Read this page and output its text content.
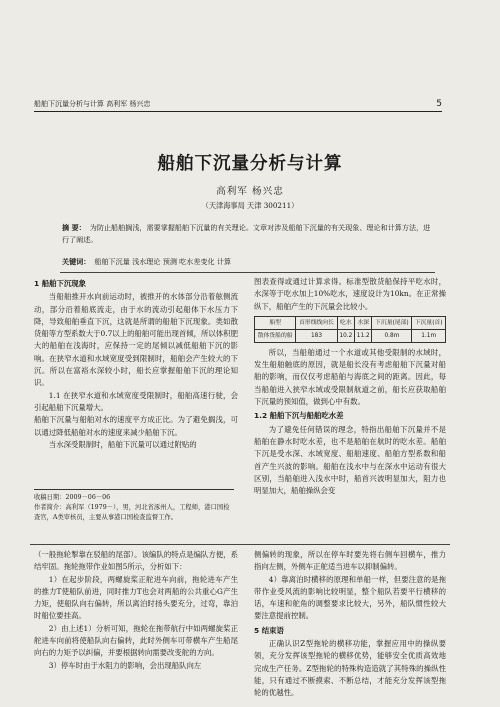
船舶下沉量分析与计算 高利军 杨兴忠	5
船舶下沉量分析与计算
高利军 杨兴忠
（天津海事局 天津 300211）
摘 要： 为防止船舶搁浅，需要掌握船舶下沉量的有关理论。文章对涉及船舶下沉量的有关现象、理论和计算方法，进行了阐述。
关键词： 船舶下沉量 浅水理论 预测 吃水差变化 计算

1 船舶下沉现象

当船舶推开水向前运动时，被推开的水体部分沿着舷侧流动，部分沿着船底流走，由于水的流动引起船体下水压力下降，导致船舶垂直下沉，这就是所谓的船舶下沉现象。类如散货船等方型系数大于0.7以上的船舶可能出现首倾，所以体积肥大的船舶在浅海时，应保持一定的尾倾以减低船舶下沉的影响。在狭窄水道和水域宽度受到限制时，船舶会产生较大的下沉。所以在富裕水深较小时，船长应掌握船舶下沉的理论知识。

1.1 在狭窄水道和水域宽度受限制时，船舶高速行驶，会引起船舶下沉量增大。

船舶下沉量与船舶对水的速度平方成正比。为了避免搁浅，可以通过降低船舶对水的速度来减少船舶下沉。

当水深受限制时，船舶下沉量可以通过附贴的

收稿日期：2009－06－06
作者简介：高利军（1979－），男，河北省涿州人，工程师，港口国检查官，A类审核员，主要从事港口国检查监督工作。

图表查得或通过计算求得。标准型散货船保持平吃水时，水深等于吃水加上10%吃水，速度设计为10kn。在正常操纵下，船舶产生的下沉量会比较小。

船型	首形线线向长	吃水	水深	下沉量(尾部)	下沉量(首)
散体货船的船	183	10.2	11.2	0.8m	1.1m

所以，当船舶通过一个水道或其他受限制的水域时，发生船舶触底的原因，就是船长没有考虑船舶下沉量对船舶的影响，而仅仅考虑船舶与海底之间的距离。因此，每当船舶进入狭窄水域或受限制航道之前，船长应获取船舶下沉量的预知值，做到心中有数。

1.2 船舶下沉与船舶吃水差

为了避免任何错误的理念，特指出船舶下沉量并不是船舶在静水时吃水差，也不是船舶在航时的吃水差。船舶下沉是受水深、水域宽度、船舶速度、船舶方型系数和船首产生兴波的影响。船舶在浅水中与在深水中运动有很大区别，当船舶进入浅水中时，船首兴波明显加大，阻力也明显加大，船舶操纵会变

（一般拖轮掣靠在驳船的尾部）。该编队的特点是编队方便，系结牢固。拖轮拖带作业如图5所示，分析如下：

1）在起步阶段，两螺旋桨正舵进车向前，拖轮进车产生的推力T使船队前进，同时推力T也会对两船的公共重心G产生力矩，使船队向右偏转，所以离泊时扬头要充分，过弯，靠泊时船位要挂高。

2）由上述1）分析可知，拖轮在拖带航行中如两螺旋桨正舵进车向前将使船队向右偏转，此时外侧车可带横车产生船尾向右的力矩予以纠偏，并要根据转向需要改变舵的方向。

3）停车时由于水阻力的影响，会出现船队向左

侧偏转的现象，所以在停车时要先将右侧车回横车，推力指向左侧，外侧车正舵适当进车以抑制偏转。

4）靠离泊时横移的原理和单船一样，但要注意的是拖带作业受风流的影响比较明显，整个船队若要平行横移的话，车速和舵角的调整要求比较大，另外，船队惯性较大要注意提前控制。

5 结束语

正确认识Z型拖轮的横移功能，掌握应用中的操纵要领，充分发挥该型拖轮的横移优势，能够安全优质高效地完成生产任务。Z型拖轮的特殊构造造就了其特殊的操纵性能，只有通过不断摸索、不断总结，才能充分发挥该型拖轮的优越性。
